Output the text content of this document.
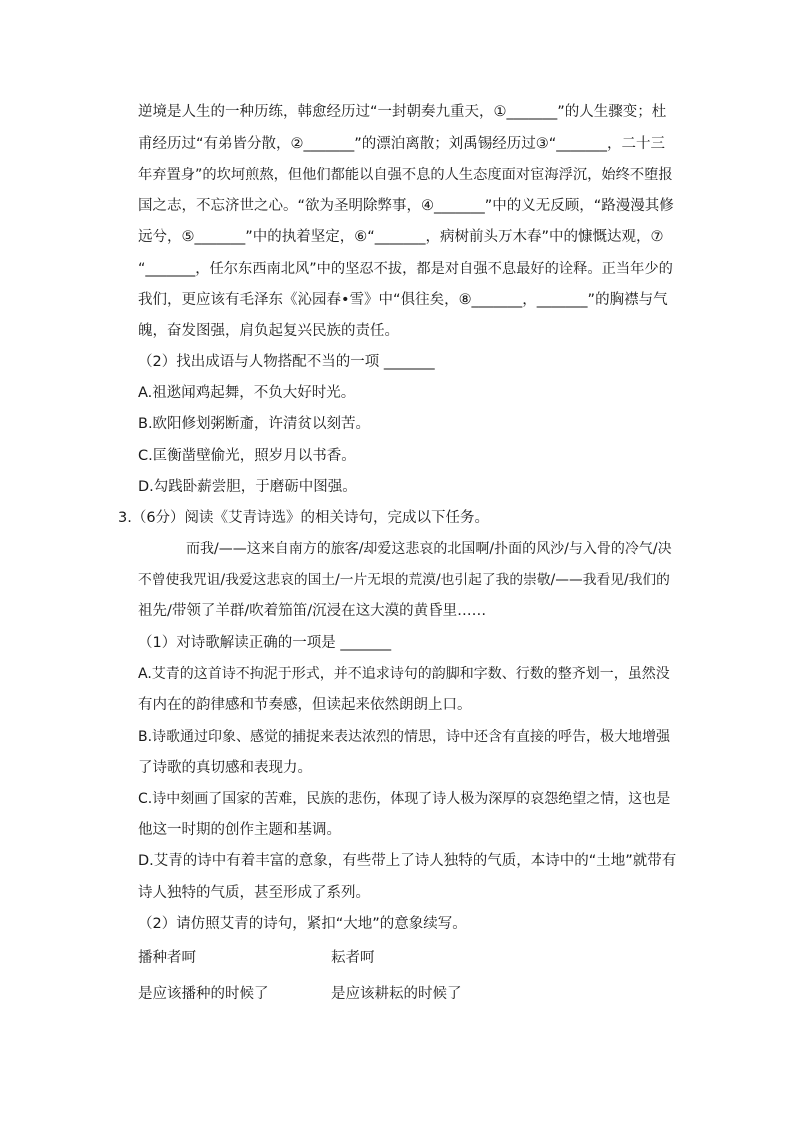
逆境是人生的一种历练，韩愈经历过“一封朝奏九重天，①_______”的人生骤变；杜

甫经历过“有弟皆分散，②_______”的漂泊离散；刘禹锡经历过③“_______，二十三

年弃置身”的坎坷煎熬，但他们都能以自强不息的人生态度面对宦海浮沉，始终不堕报

国之志，不忘济世之心。“欲为圣明除弊事，④_______”中的义无反顾，“路漫漫其修

远兮，⑤_______”中的执着坚定，⑥“_______，病树前头万木春”中的慷慨达观，⑦

“_______，任尔东西南北风”中的坚忍不拔，都是对自强不息最好的诠释。正当年少的

我们，更应该有毛泽东《沁园春•雪》中“俱往矣，⑧_______，_______”的胸襟与气

魄，奋发图强，肩负起复兴民族的责任。

（2）找出成语与人物搭配不当的一项 _______

A.祖逖闻鸡起舞，不负大好时光。

B.欧阳修划粥断齑，许清贫以刻苦。

C.匡衡凿壁偷光，照岁月以书香。

D.勾践卧薪尝胆，于磨砺中图强。

3.（6分）阅读《艾青诗选》的相关诗句，完成以下任务。

而我/——这来自南方的旅客/却爱这悲哀的北国啊/扑面的风沙/与入骨的冷气/决

不曾使我咒诅/我爱这悲哀的国土/一片无垠的荒漠/也引起了我的崇敬/——我看见/我们的

祖先/带领了羊群/吹着笳笛/沉浸在这大漠的黄昏里……

（1）对诗歌解读正确的一项是 _______

A.艾青的这首诗不拘泥于形式，并不追求诗句的韵脚和字数、行数的整齐划一，虽然没

有内在的韵律感和节奏感，但读起来依然朗朗上口。

B.诗歌通过印象、感觉的捕捉来表达浓烈的情思，诗中还含有直接的呼告，极大地增强

了诗歌的真切感和表现力。

C.诗中刻画了国家的苦难，民族的悲伤，体现了诗人极为深厚的哀怨绝望之情，这也是

他这一时期的创作主题和基调。

D.艾青的诗中有着丰富的意象，有些带上了诗人独特的气质，本诗中的“土地”就带有

诗人独特的气质，甚至形成了系列。

（2）请仿照艾青的诗句，紧扣“大地”的意象续写。

播种者呵	耘者呵

是应该播种的时候了	是应该耕耘的时候了
